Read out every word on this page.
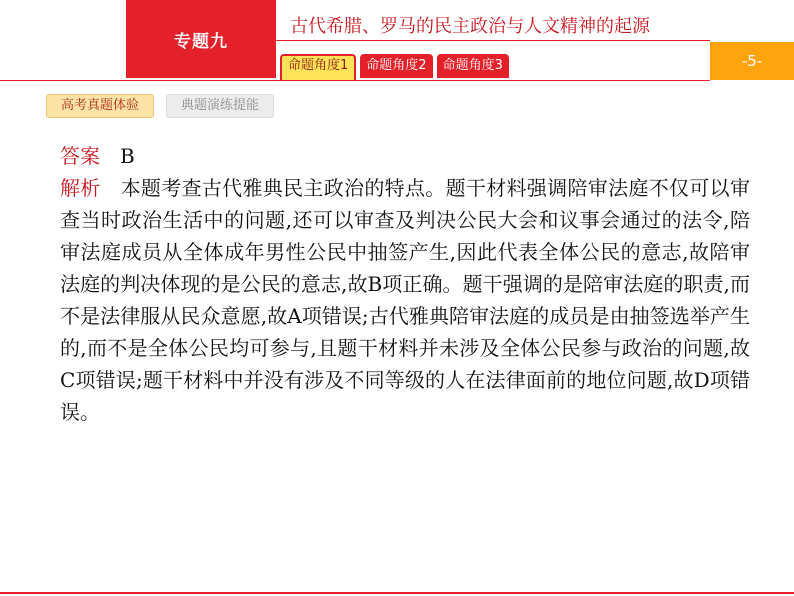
专题九
古代希腊、罗马的民主政治与人文精神的起源
命题角度1	命题角度2	命题角度3	-5-
高考真题体验	典题演练提能

答案 B

解析 本题考查古代雅典民主政治的特点。题干材料强调陪审法庭不仅可以审查当时政治生活中的问题,还可以审查及判决公民大会和议事会通过的法令,陪审法庭成员从全体成年男性公民中抽签产生,因此代表全体公民的意志,故陪审法庭的判决体现的是公民的意志,故B项正确。题干强调的是陪审法庭的职责,而不是法律服从民众意愿,故A项错误;古代雅典陪审法庭的成员是由抽签选举产生的,而不是全体公民均可参与,且题干材料并未涉及全体公民参与政治的问题,故C项错误;题干材料中并没有涉及不同等级的人在法律面前的地位问题,故D项错误。
